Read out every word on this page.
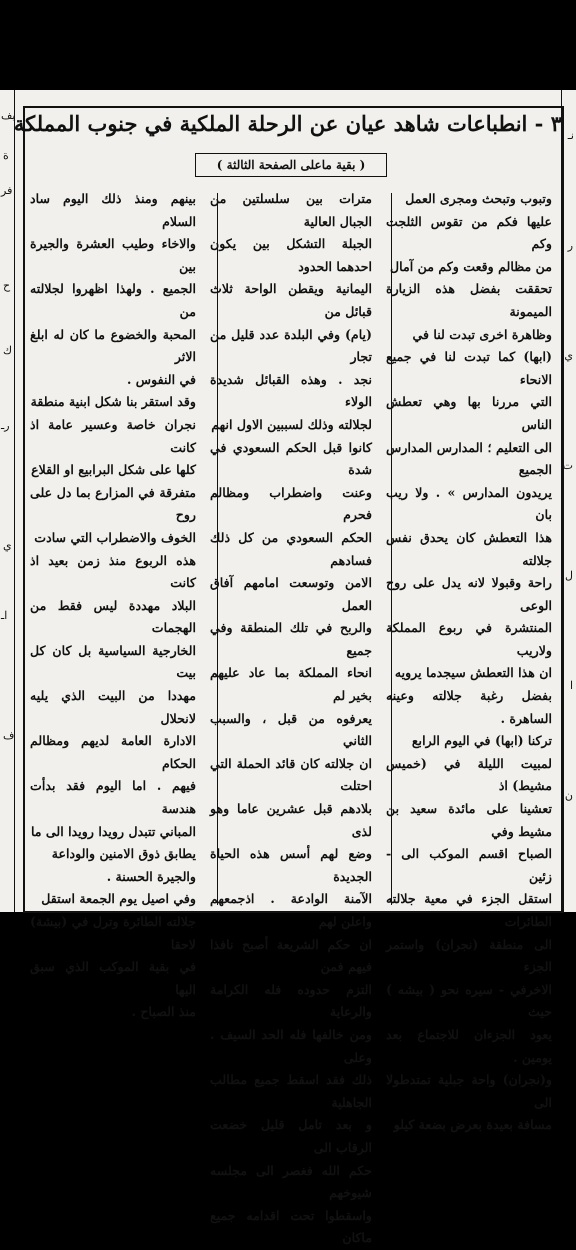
يف
ة
فر
ح
ك
رـ
ي
اـ
ف
نـ
ر
ي
ت
ل
ا
ن
٣ - انطباعات شاهد عيان عن الرحلة الملكية في جنوب المملكة
( بقية ماعلى الصفحة الثالثة )

وتبوب وتبحث ومجرى العمل
عليها فكم من تقوس الثلجت وكم
من مظالم وقعت وكم من آمال
تحققت بفضل هذه الزيارة الميمونة
وظاهرة اخرى تبدت لنا في
(ابها) كما تبدت لنا في جميع الانحاء
التي مررنا بها وهي تعطش الناس
الى التعليم ؛ المدارس المدارس الجميع
يريدون المدارس » . ولا ريب بان
هذا التعطش كان يحدق نفس جلالته
راحة وقبولا لانه يدل على روح الوعى
المنتشرة في ربوع المملكة ولاريب
ان هذا التعطش سيجدما يرويه
بفضل رغبة جلالته وعينه الساهرة .
تركنا (ابها) في اليوم الرابع
لمبيت الليلة في (خميس مشيط) اذ
تعشينا على مائدة سعيد بن مشيط وفي
الصباح اقسم الموكب الى - زئين
استقل الجزء في معية جلالته الطائرات
الى منطقة (نجران) واستمر الجزء
الاخرفي - سيره نحو ( بيشه ) حيث
يعود الجزءان للاجتماع بعد يومين .
و(نجران) واحة جبلية تمتدطولا الى
مسافة بعيدة بعرض بضعة كيلو

مترات بين سلسلتين من الجبال العالية
الجبلة التشكل بين يكون احدهما الحدود
اليمانية ويقطن الواحة ثلاث قبائل من
(يام) وفي البلدة عدد قليل من تجار
نجد . وهذه القبائل شديدة الولاء
لجلالته وذلك لسببين الاول انهم
كانوا قبل الحكم السعودي في شدة
وعنت واضطراب ومظالم فحرم
الحكم السعودي من كل ذلك فسادهم
الامن وتوسعت امامهم آفاق العمل
والربح في تلك المنطقة وفي جميع
انحاء المملكة بما عاد عليهم بخير لم
يعرفوه من قبل ، والسبب الثاني
ان جلالته كان قائد الحملة التي احتلت
بلادهم قبل عشرين عاما وهو لذى
وضع لهم أسس هذه الحياة الجديدة
الآمنة الوادعة . اذجمعهم واعلن لهم
ان حكم الشريعة أصبح نافذا فيهم فمن
التزم حدوده فله الكرامة والرعاية
ومن خالفها فله الحد السيف . وعلى
ذلك فقد اسقط جميع مطالب الجاهلية
و بعد تامل قليل خضعت الرقاب الى
حكم الله فغصر الى مجلسه شيوخهم
واسقطوا تحت اقدامه جميع ماكان

بينهم ومنذ ذلك اليوم ساد السلام
والاخاء وطيب العشرة والجيرة بين
الجميع . ولهذا اظهروا لجلالته من
المحبة والخضوع ما كان له ابلغ الاثر
في النفوس .
وقد استقر بنا شكل ابنية منطقة
نجران خاصة وعسير عامة اذ كانت
كلها على شكل البرابيع او القلاع
متفرقة في المزارع بما دل على روح
الخوف والاضطراب التي سادت
هذه الربوع منذ زمن بعيد اذ كانت
البلاد مهددة ليس فقط من الهجمات
الخارجية السياسية بل كان كل بيت
مهددا من البيت الذي يليه لانحلال
الادارة العامة لديهم ومظالم الحكام
فيهم . اما اليوم فقد بدأت هندسة
المباني تتبدل رويدا رويدا الى ما
يطابق ذوق الامنين والوداعة
والجيرة الحسنة .
وفي اصيل يوم الجمعة استقل
جلالته الطائرة وترل في (بيشة) لاحقا
في بقية الموكب الذي سبق اليها
منذ الصباح .
